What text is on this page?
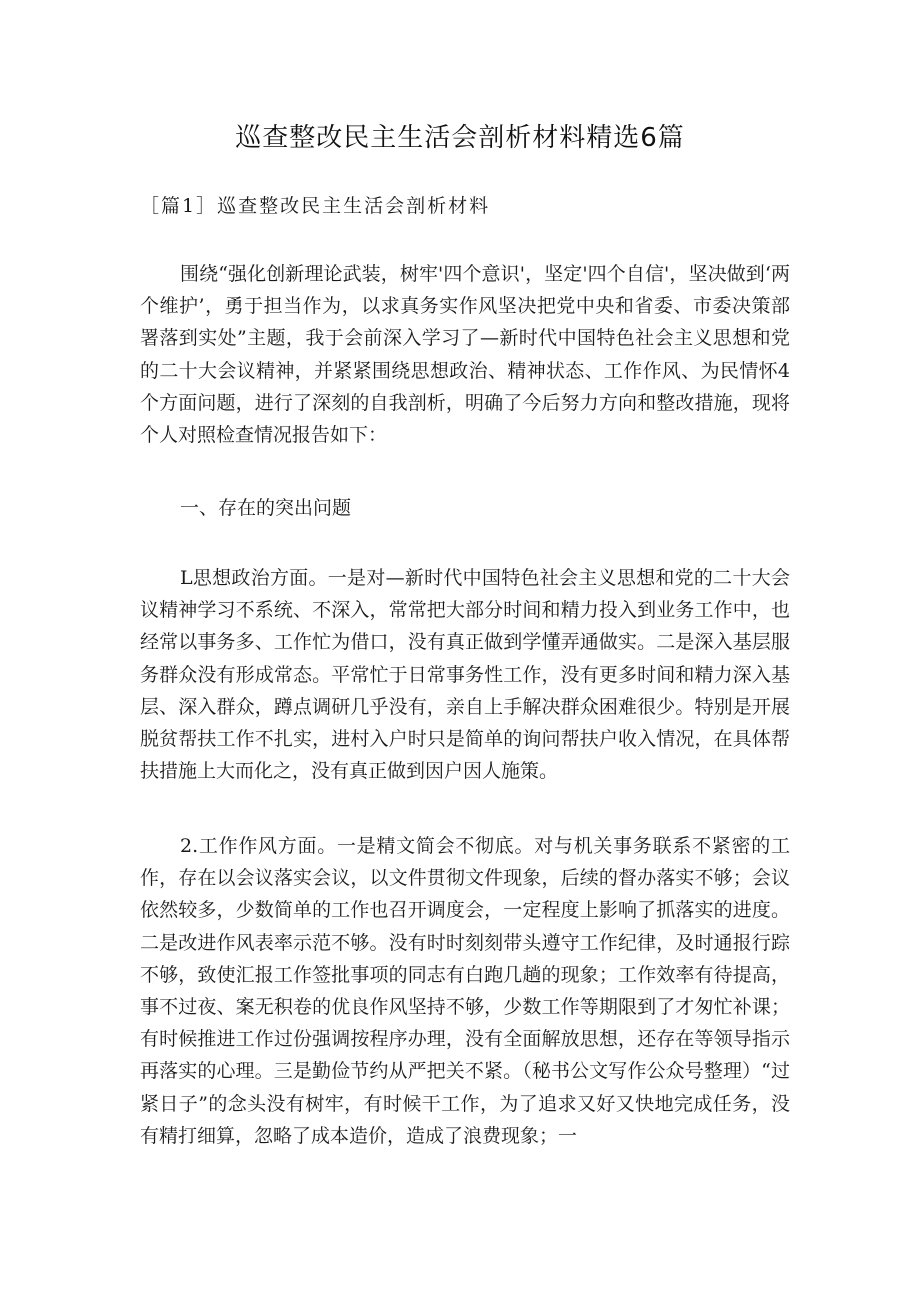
巡查整改民主生活会剖析材料精选6篇
［篇1］巡查整改民主生活会剖析材料

围绕“强化创新理论武装，树牢'四个意识'，坚定'四个自信'，坚决做到‘两个维护’，勇于担当作为，以求真务实作风坚决把党中央和省委、市委决策部署落到实处”主题，我于会前深入学习了—新时代中国特色社会主义思想和党的二十大会议精神，并紧紧围绕思想政治、精神状态、工作作风、为民情怀4个方面问题，进行了深刻的自我剖析，明确了今后努力方向和整改措施，现将个人对照检查情况报告如下：

一、存在的突出问题

L思想政治方面。一是对—新时代中国特色社会主义思想和党的二十大会议精神学习不系统、不深入，常常把大部分时间和精力投入到业务工作中，也经常以事务多、工作忙为借口，没有真正做到学懂弄通做实。二是深入基层服务群众没有形成常态。平常忙于日常事务性工作，没有更多时间和精力深入基层、深入群众，蹲点调研几乎没有，亲自上手解决群众困难很少。特别是开展脱贫帮扶工作不扎实，进村入户时只是简单的询问帮扶户收入情况，在具体帮扶措施上大而化之，没有真正做到因户因人施策。

2.工作作风方面。一是精文简会不彻底。对与机关事务联系不紧密的工作，存在以会议落实会议，以文件贯彻文件现象，后续的督办落实不够；会议依然较多，少数简单的工作也召开调度会，一定程度上影响了抓落实的进度。二是改进作风表率示范不够。没有时时刻刻带头遵守工作纪律，及时通报行踪不够，致使汇报工作签批事项的同志有白跑几趟的现象；工作效率有待提高，事不过夜、案无积卷的优良作风坚持不够，少数工作等期限到了才匆忙补课；有时候推进工作过份强调按程序办理，没有全面解放思想，还存在等领导指示再落实的心理。三是勤俭节约从严把关不紧。（秘书公文写作公众号整理）“过紧日子”的念头没有树牢，有时候干工作，为了追求又好又快地完成任务，没有精打细算，忽略了成本造价，造成了浪费现象；一
